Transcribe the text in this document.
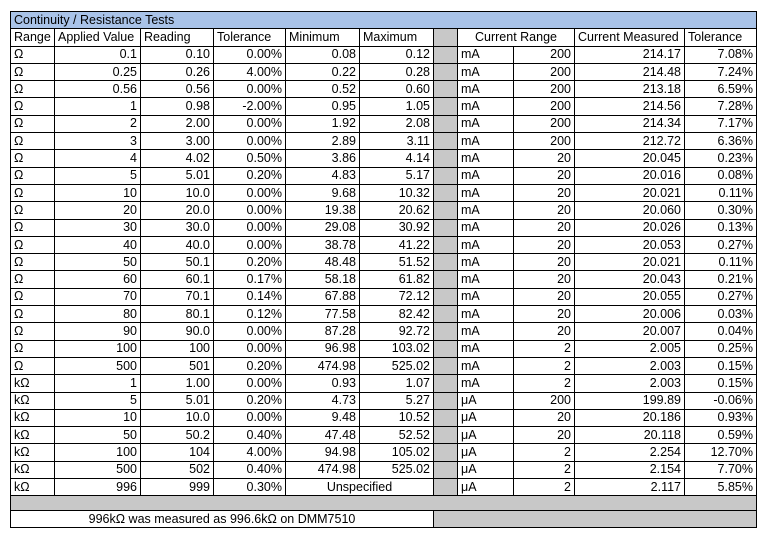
Continuity / Resistance Tests										
Range	Applied Value	Reading	Tolerance	Minimum	Maximum		Current Range		Current Measured	Tolerance
Ω	0.1	0.10	0.00%	0.08	0.12		mA	200	214.17	7.08%
Ω	0.25	0.26	4.00%	0.22	0.28		mA	200	214.48	7.24%
Ω	0.56	0.56	0.00%	0.52	0.60		mA	200	213.18	6.59%
Ω	1	0.98	-2.00%	0.95	1.05		mA	200	214.56	7.28%
Ω	2	2.00	0.00%	1.92	2.08		mA	200	214.34	7.17%
Ω	3	3.00	0.00%	2.89	3.11		mA	200	212.72	6.36%
Ω	4	4.02	0.50%	3.86	4.14		mA	20	20.045	0.23%
Ω	5	5.01	0.20%	4.83	5.17		mA	20	20.016	0.08%
Ω	10	10.0	0.00%	9.68	10.32		mA	20	20.021	0.11%
Ω	20	20.0	0.00%	19.38	20.62		mA	20	20.060	0.30%
Ω	30	30.0	0.00%	29.08	30.92		mA	20	20.026	0.13%
Ω	40	40.0	0.00%	38.78	41.22		mA	20	20.053	0.27%
Ω	50	50.1	0.20%	48.48	51.52		mA	20	20.021	0.11%
Ω	60	60.1	0.17%	58.18	61.82		mA	20	20.043	0.21%
Ω	70	70.1	0.14%	67.88	72.12		mA	20	20.055	0.27%
Ω	80	80.1	0.12%	77.58	82.42		mA	20	20.006	0.03%
Ω	90	90.0	0.00%	87.28	92.72		mA	20	20.007	0.04%
Ω	100	100	0.00%	96.98	103.02		mA	2	2.005	0.25%
Ω	500	501	0.20%	474.98	525.02		mA	2	2.003	0.15%
kΩ	1	1.00	0.00%	0.93	1.07		mA	2	2.003	0.15%
kΩ	5	5.01	0.20%	4.73	5.27		μA	200	199.89	-0.06%
kΩ	10	10.0	0.00%	9.48	10.52		μA	20	20.186	0.93%
kΩ	50	50.2	0.40%	47.48	52.52		μA	20	20.118	0.59%
kΩ	100	104	4.00%	94.98	105.02		μA	2	2.254	12.70%
kΩ	500	502	0.40%	474.98	525.02		μA	2	2.154	7.70%
kΩ	996	999	0.30%	Unspecified			μA	2	2.117	5.85%

996kΩ was measured as 996.6kΩ on DMM7510										
